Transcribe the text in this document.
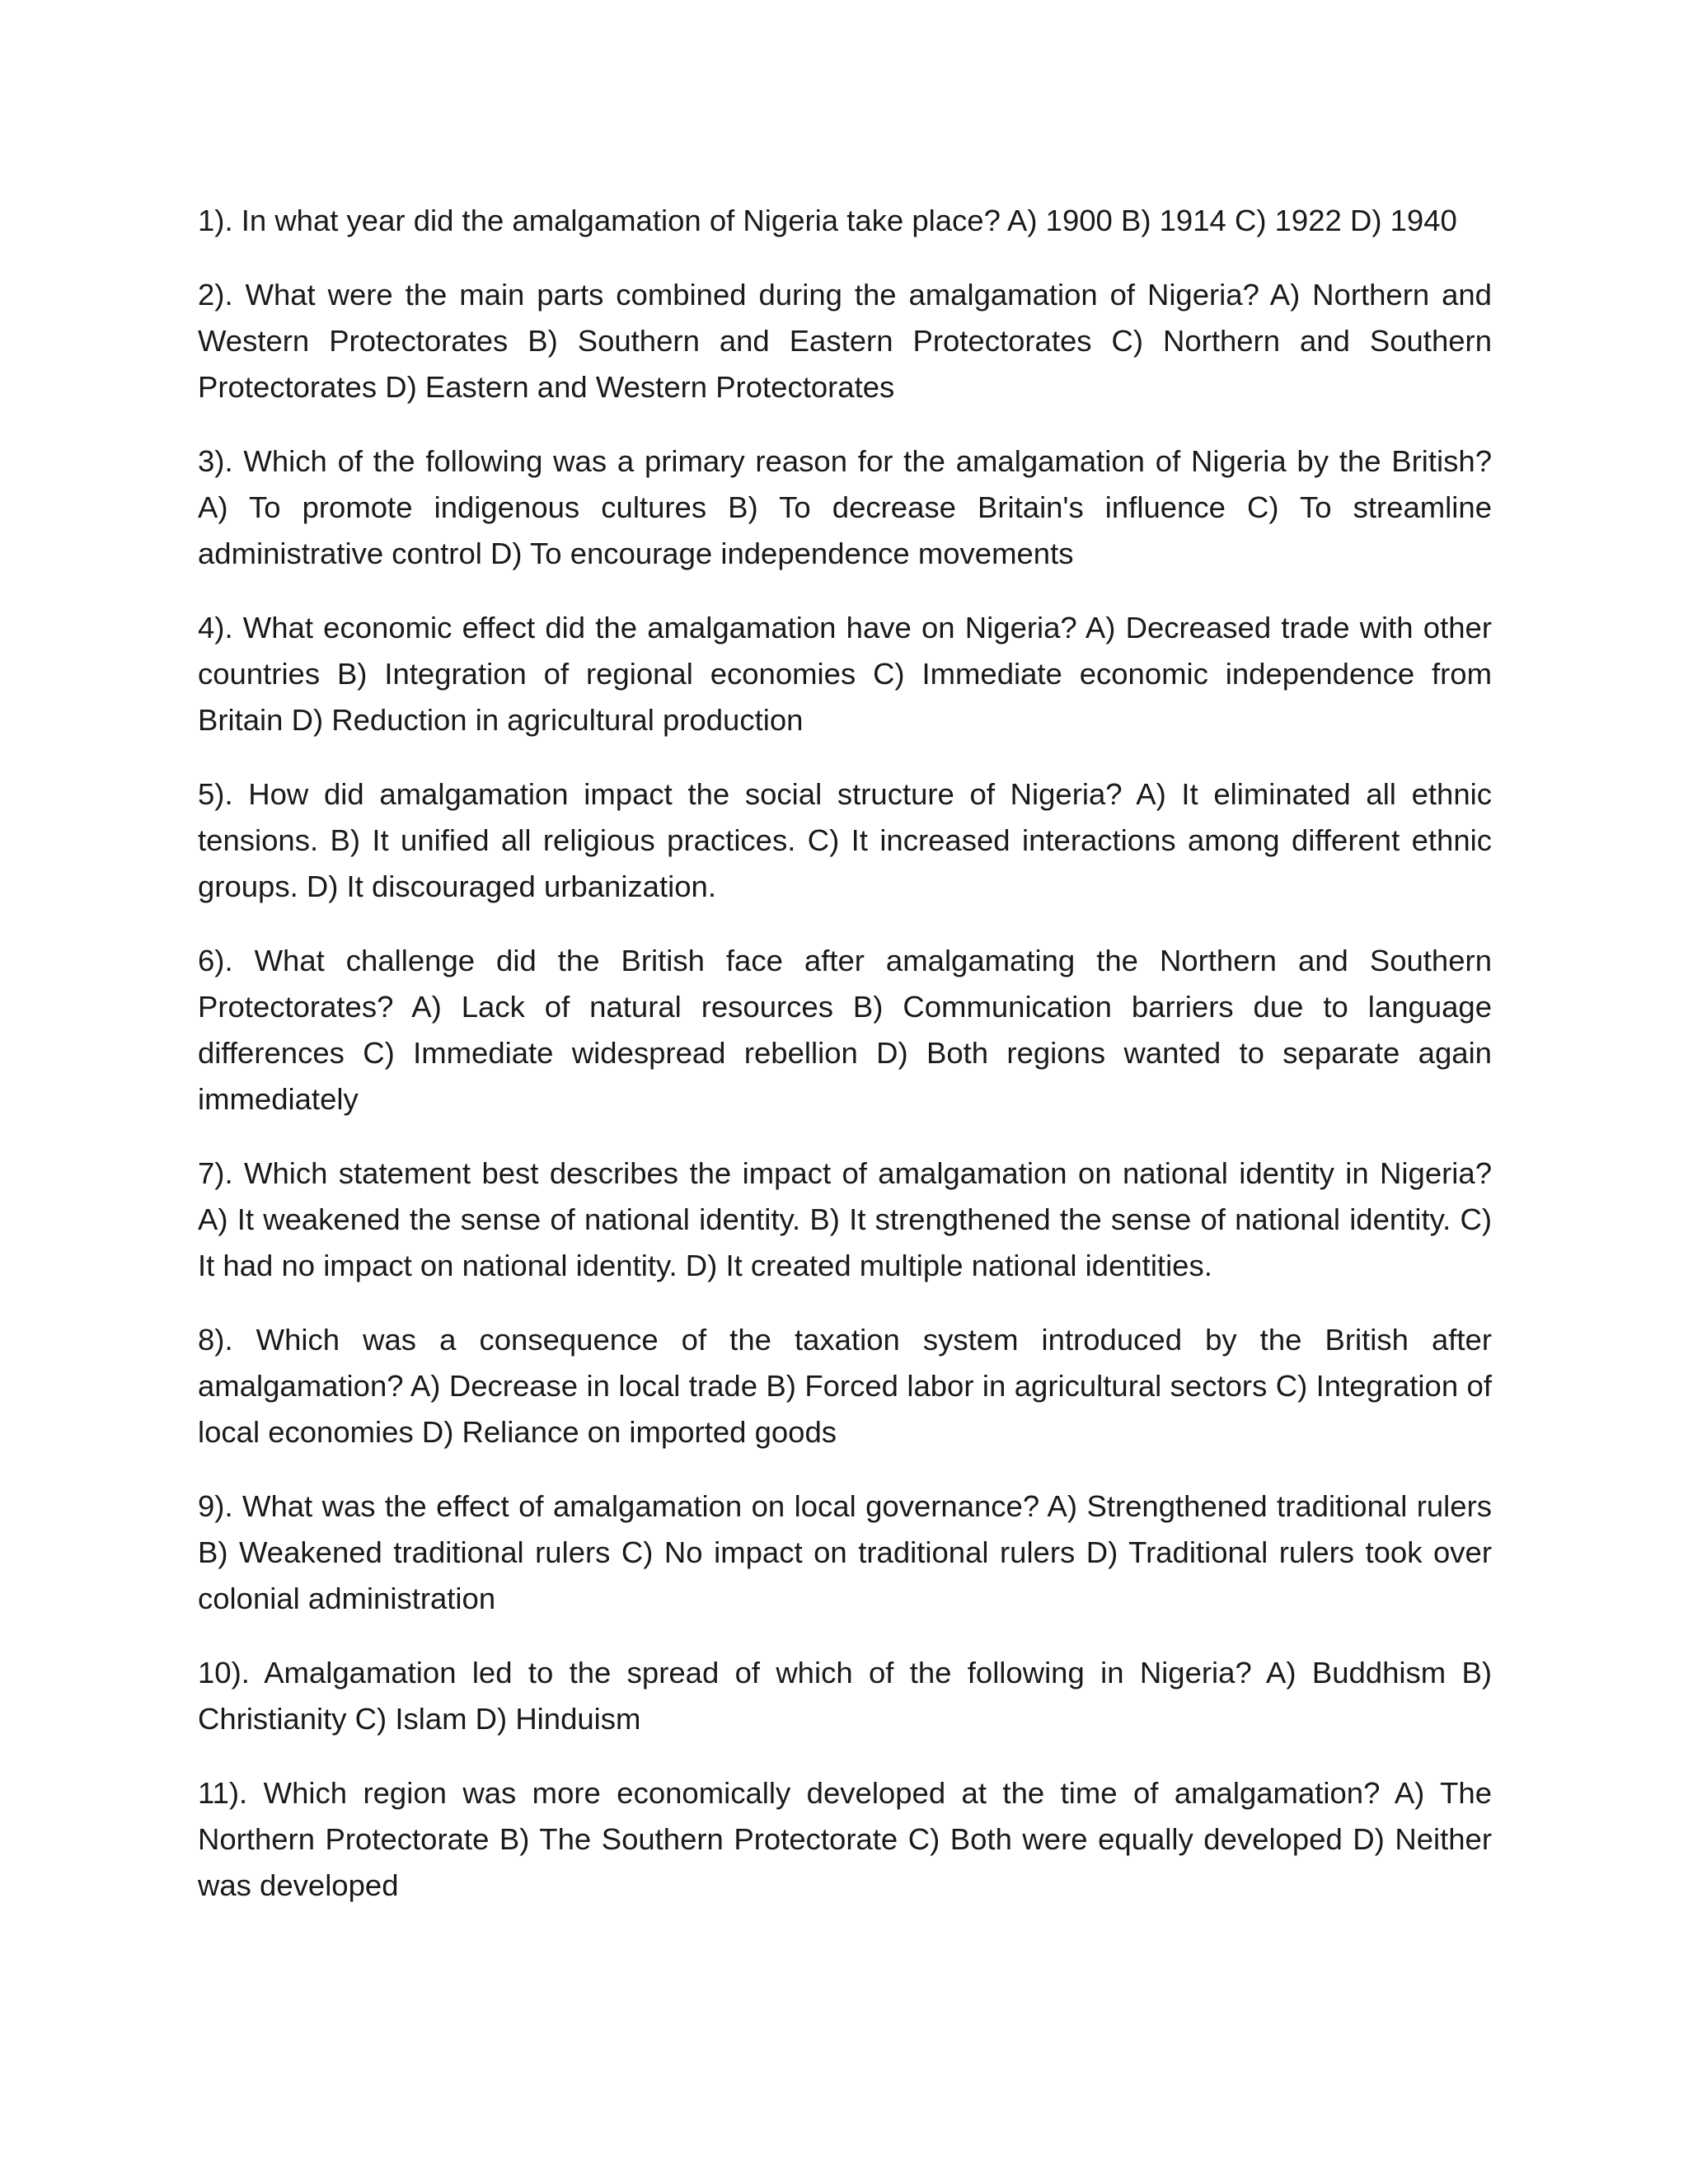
1). In what year did the amalgamation of Nigeria take place? A) 1900 B) 1914 C) 1922 D) 1940

2). What were the main parts combined during the amalgamation of Nigeria? A) Northern and Western Protectorates B) Southern and Eastern Protectorates C) Northern and Southern Protectorates D) Eastern and Western Protectorates

3). Which of the following was a primary reason for the amalgamation of Nigeria by the British? A) To promote indigenous cultures B) To decrease Britain's influence C) To streamline administrative control D) To encourage independence movements

4). What economic effect did the amalgamation have on Nigeria? A) Decreased trade with other countries B) Integration of regional economies C) Immediate economic independence from Britain D) Reduction in agricultural production

5). How did amalgamation impact the social structure of Nigeria? A) It eliminated all ethnic tensions. B) It unified all religious practices. C) It increased interactions among different ethnic groups. D) It discouraged urbanization.

6). What challenge did the British face after amalgamating the Northern and Southern Protectorates? A) Lack of natural resources B) Communication barriers due to language differences C) Immediate widespread rebellion D) Both regions wanted to separate again immediately

7). Which statement best describes the impact of amalgamation on national identity in Nigeria? A) It weakened the sense of national identity. B) It strengthened the sense of national identity. C) It had no impact on national identity. D) It created multiple national identities.

8). Which was a consequence of the taxation system introduced by the British after amalgamation? A) Decrease in local trade B) Forced labor in agricultural sectors C) Integration of local economies D) Reliance on imported goods

9). What was the effect of amalgamation on local governance? A) Strengthened traditional rulers B) Weakened traditional rulers C) No impact on traditional rulers D) Traditional rulers took over colonial administration

10). Amalgamation led to the spread of which of the following in Nigeria? A) Buddhism B) Christianity C) Islam D) Hinduism

11). Which region was more economically developed at the time of amalgamation? A) The Northern Protectorate B) The Southern Protectorate C) Both were equally developed D) Neither was developed
